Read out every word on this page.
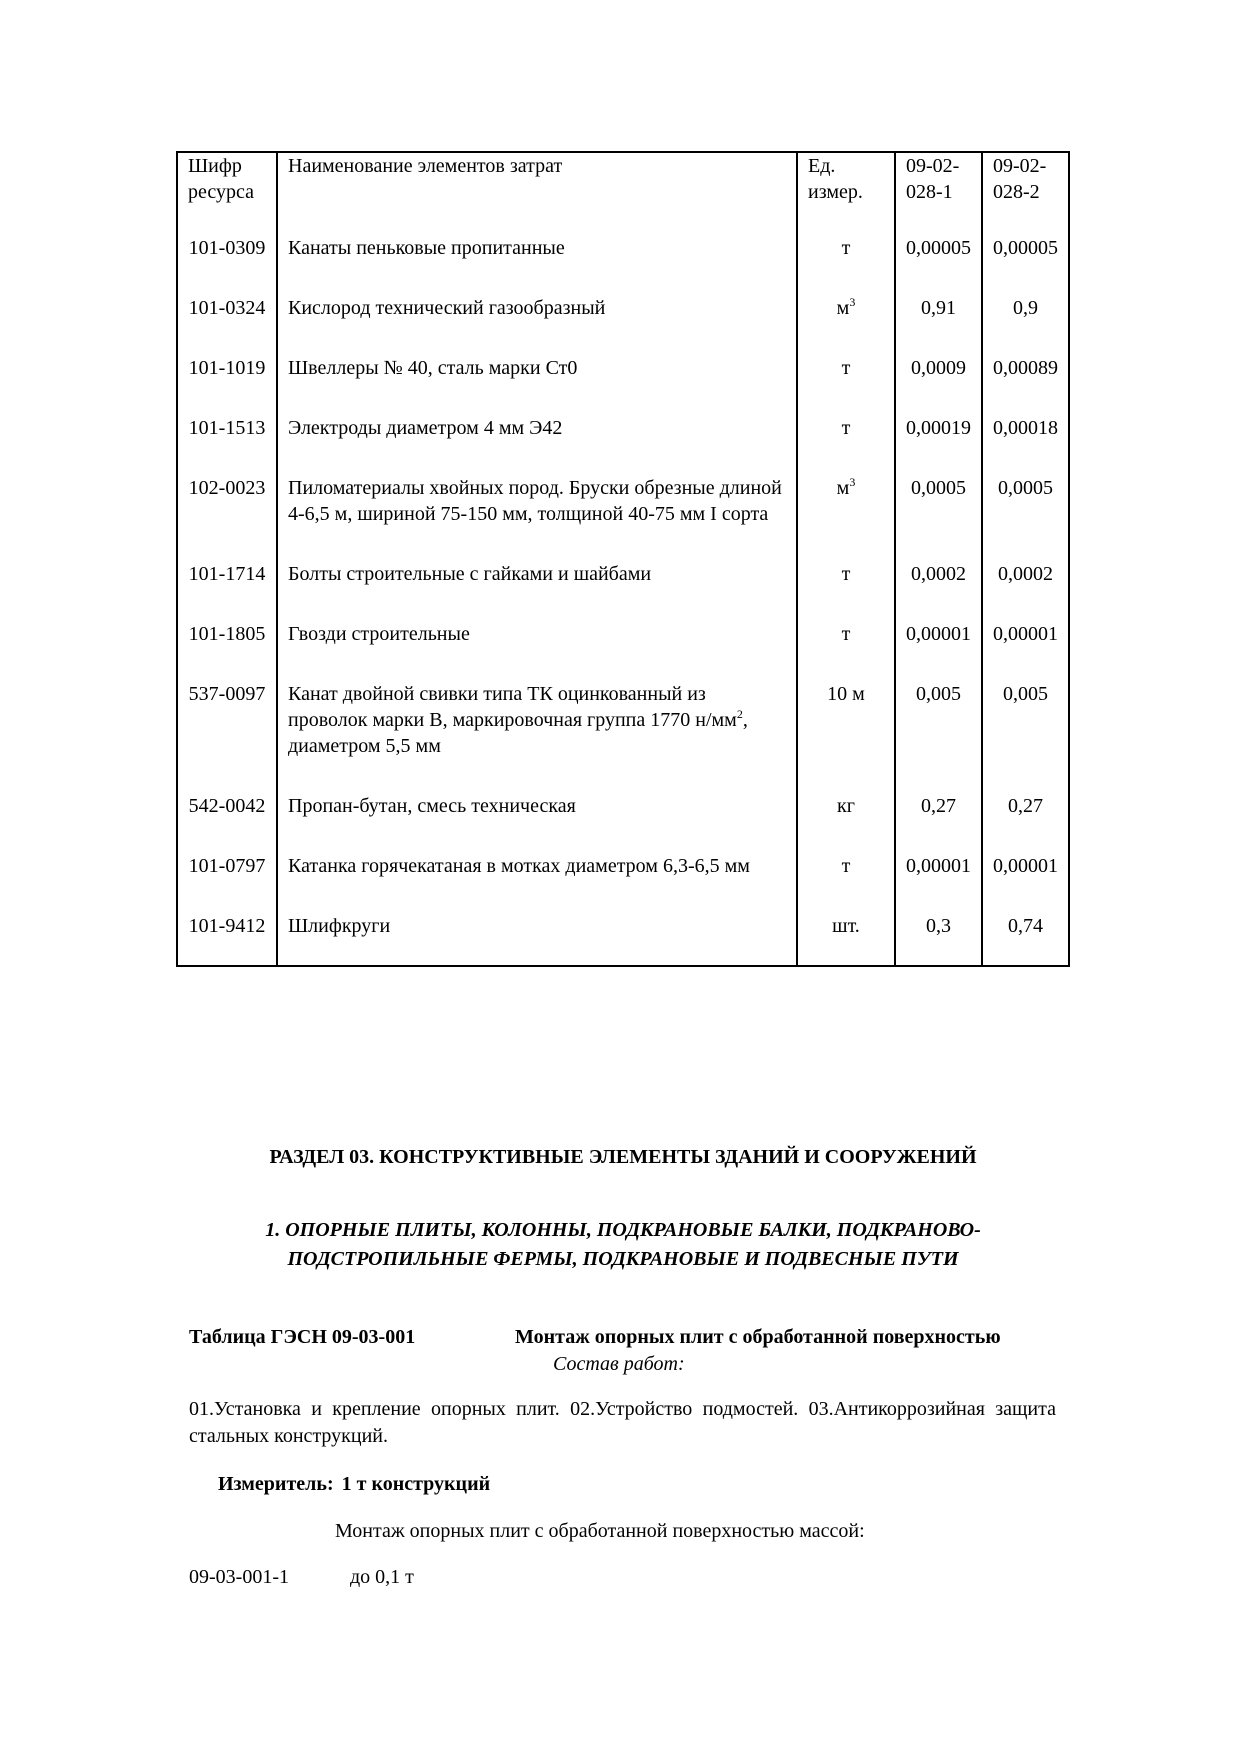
Шифр ресурса	Наименование элементов затрат	Ед. измер.	09-02-028-1	09-02-028-2

101-0309	Канаты пеньковые пропитанные	т	0,00005	0,00005

101-0324	Кислород технический газообразный	$м^3$	0,91	0,9

101-1019	Швеллеры № 40, сталь марки Ст0	т	0,0009	0,00089

101-1513	Электроды диаметром 4 мм Э42	т	0,00019	0,00018

102-0023	Пиломатериалы хвойных пород. Бруски обрезные длиной 4-6,5 м, шириной 75-150 мм, толщиной 40-75 мм I сорта	$м^3$	0,0005	0,0005

101-1714	Болты строительные с гайками и шайбами	т	0,0002	0,0002

101-1805	Гвозди строительные	т	0,00001	0,00001

537-0097	Канат двойной свивки типа ТК оцинкованный из проволок марки В, маркировочная группа 1770 $н/мм^2$, диаметром 5,5 мм	10 м	0,005	0,005

542-0042	Пропан-бутан, смесь техническая	кг	0,27	0,27

101-0797	Катанка горячекатаная в мотках диаметром 6,3-6,5 мм	т	0,00001	0,00001

101-9412	Шлифкруги	шт.	0,3	0,74
РАЗДЕЛ 03. КОНСТРУКТИВНЫЕ ЭЛЕМЕНТЫ ЗДАНИЙ И СООРУЖЕНИЙ
1. ОПОРНЫЕ ПЛИТЫ, КОЛОННЫ, ПОДКРАНОВЫЕ БАЛКИ, ПОДКРАНОВО-
ПОДСТРОПИЛЬНЫЕ ФЕРМЫ, ПОДКРАНОВЫЕ И ПОДВЕСНЫЕ ПУТИ
Таблица ГЭСН 09-03-001	Монтаж опорных плит с обработанной поверхностью
Состав работ:
01.Установка и крепление опорных плит. 02.Устройство подмостей. 03.Антикоррозийная защита стальных конструкций.
Измеритель: 1 т конструкций
Монтаж опорных плит с обработанной поверхностью массой:
09-03-001-1	до 0,1 т
